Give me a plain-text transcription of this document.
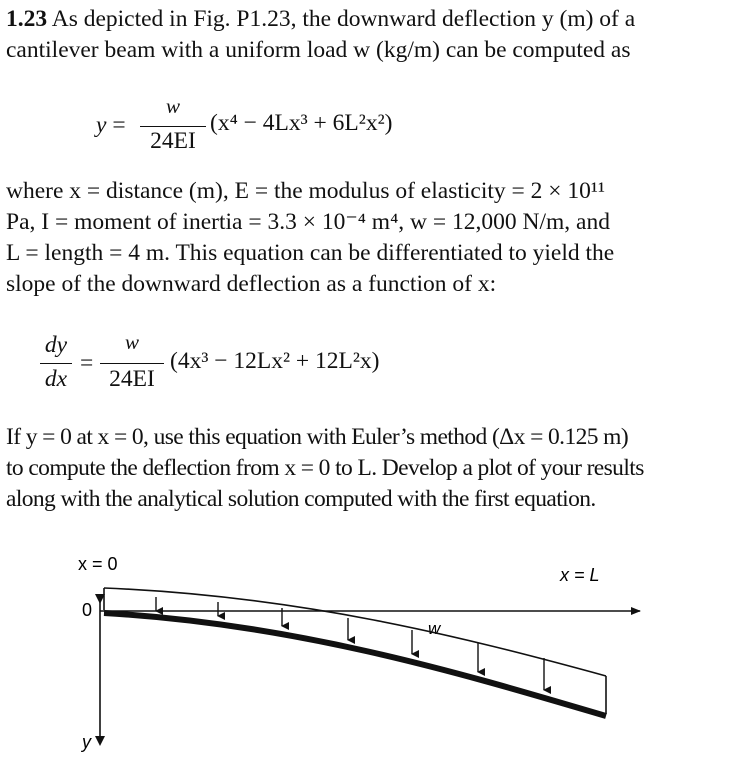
1.23 As depicted in Fig. P1.23, the downward deflection y (m) of a
cantilever beam with a uniform load w (kg/m) can be computed as

y =
w
24EI
(x⁴ − 4Lx³ + 6L²x²)

where x = distance (m), E = the modulus of elasticity = 2 × 10¹¹
Pa, I = moment of inertia = 3.3 × 10⁻⁴ m⁴, w = 12,000 N/m, and
L = length = 4 m. This equation can be differentiated to yield the
slope of the downward deflection as a function of x:

dy
dx
=
w
24EI
(4x³ − 12Lx² + 12L²x)

If y = 0 at x = 0, use this equation with Euler’s method (Δx = 0.125 m)
to compute the deflection from x = 0 to L. Develop a plot of your results
along with the analytical solution computed with the first equation.

x = 0
x = L
0
y
w
